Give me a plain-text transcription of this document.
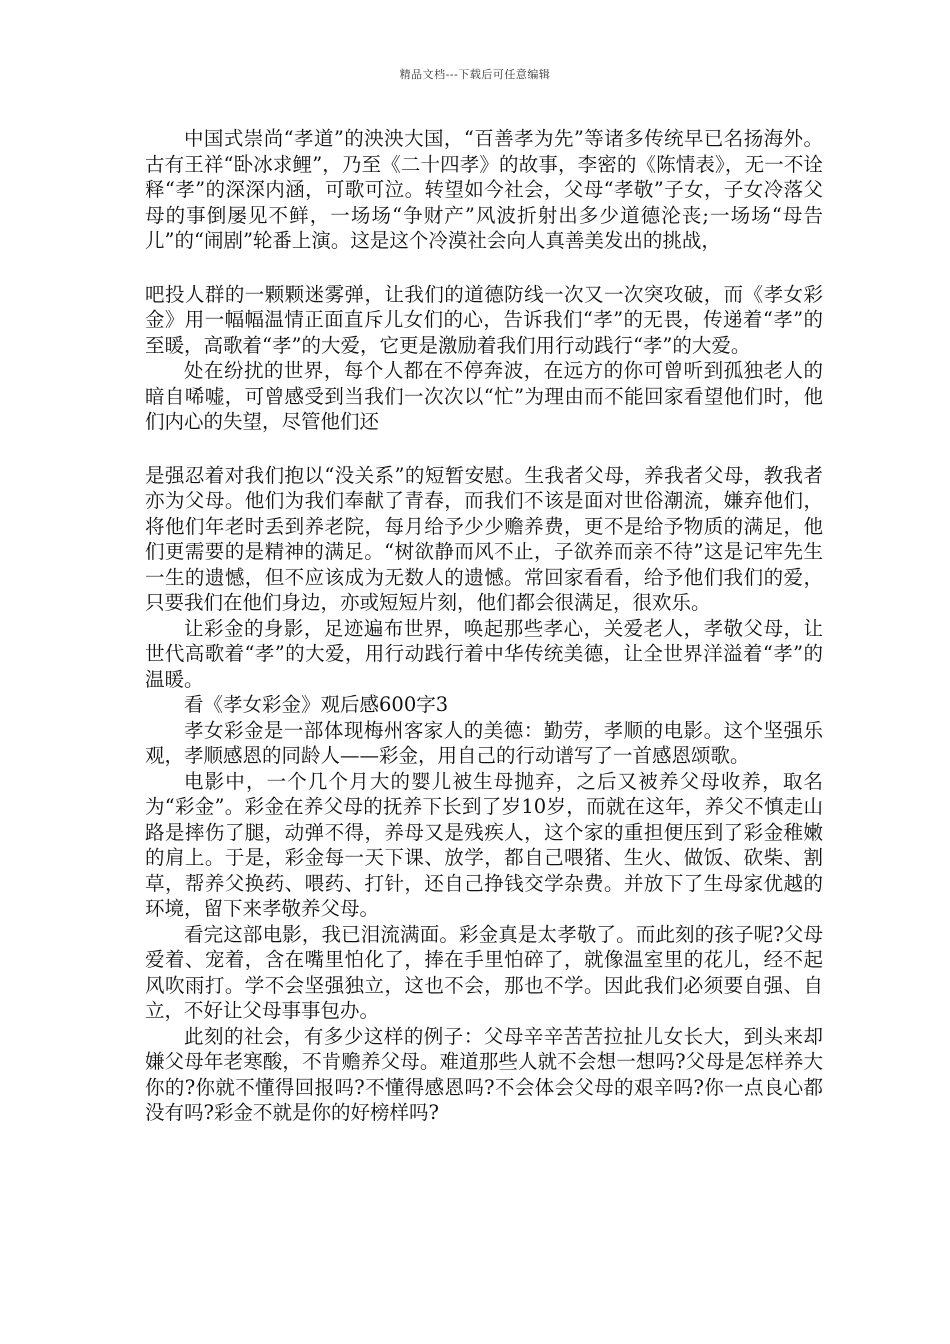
精品文档---下载后可任意编辑

中国式崇尚“孝道”的泱泱大国，“百善孝为先”等诸多传统早已名扬海外。古有王祥“卧冰求鲤”，乃至《二十四孝》的故事，李密的《陈情表》，无一不诠释“孝”的深深内涵，可歌可泣。转望如今社会，父母“孝敬”子女，子女冷落父母的事倒屡见不鲜，一场场“争财产”风波折射出多少道德沦丧;一场场“母告儿”的“闹剧”轮番上演。这是这个冷漠社会向人真善美发出的挑战，

吧投人群的一颗颗迷雾弹，让我们的道德防线一次又一次突攻破，而《孝女彩金》用一幅幅温情正面直斥儿女们的心，告诉我们“孝”的无畏，传递着“孝”的至暖，高歌着“孝”的大爱，它更是激励着我们用行动践行“孝”的大爱。

处在纷扰的世界，每个人都在不停奔波，在远方的你可曾听到孤独老人的暗自唏嘘，可曾感受到当我们一次次以“忙”为理由而不能回家看望他们时，他们内心的失望，尽管他们还

是强忍着对我们抱以“没关系”的短暂安慰。生我者父母，养我者父母，教我者亦为父母。他们为我们奉献了青春，而我们不该是面对世俗潮流，嫌弃他们，将他们年老时丢到养老院，每月给予少少赡养费，更不是给予物质的满足，他们更需要的是精神的满足。“树欲静而风不止，子欲养而亲不待”这是记牢先生一生的遗憾，但不应该成为无数人的遗憾。常回家看看，给予他们我们的爱，只要我们在他们身边，亦或短短片刻，他们都会很满足，很欢乐。

让彩金的身影，足迹遍布世界，唤起那些孝心，关爱老人，孝敬父母，让世代高歌着“孝”的大爱，用行动践行着中华传统美德，让全世界洋溢着“孝”的温暖。

看《孝女彩金》观后感600字3

孝女彩金是一部体现梅州客家人的美德：勤劳，孝顺的电影。这个坚强乐观，孝顺感恩的同龄人——彩金，用自己的行动谱写了一首感恩颂歌。

电影中，一个几个月大的婴儿被生母抛弃，之后又被养父母收养，取名为“彩金”。彩金在养父母的抚养下长到了岁10岁，而就在这年，养父不慎走山路是摔伤了腿，动弹不得，养母又是残疾人，这个家的重担便压到了彩金稚嫩的肩上。于是，彩金每一天下课、放学，都自己喂猪、生火、做饭、砍柴、割草，帮养父换药、喂药、打针，还自己挣钱交学杂费。并放下了生母家优越的环境，留下来孝敬养父母。

看完这部电影，我已泪流满面。彩金真是太孝敬了。而此刻的孩子呢?父母爱着、宠着，含在嘴里怕化了，捧在手里怕碎了，就像温室里的花儿，经不起风吹雨打。学不会坚强独立，这也不会，那也不学。因此我们必须要自强、自立，不好让父母事事包办。

此刻的社会，有多少这样的例子：父母辛辛苦苦拉扯儿女长大，到头来却嫌父母年老寒酸，不肯赡养父母。难道那些人就不会想一想吗?父母是怎样养大你的?你就不懂得回报吗?不懂得感恩吗?不会体会父母的艰辛吗?你一点良心都没有吗?彩金不就是你的好榜样吗?
